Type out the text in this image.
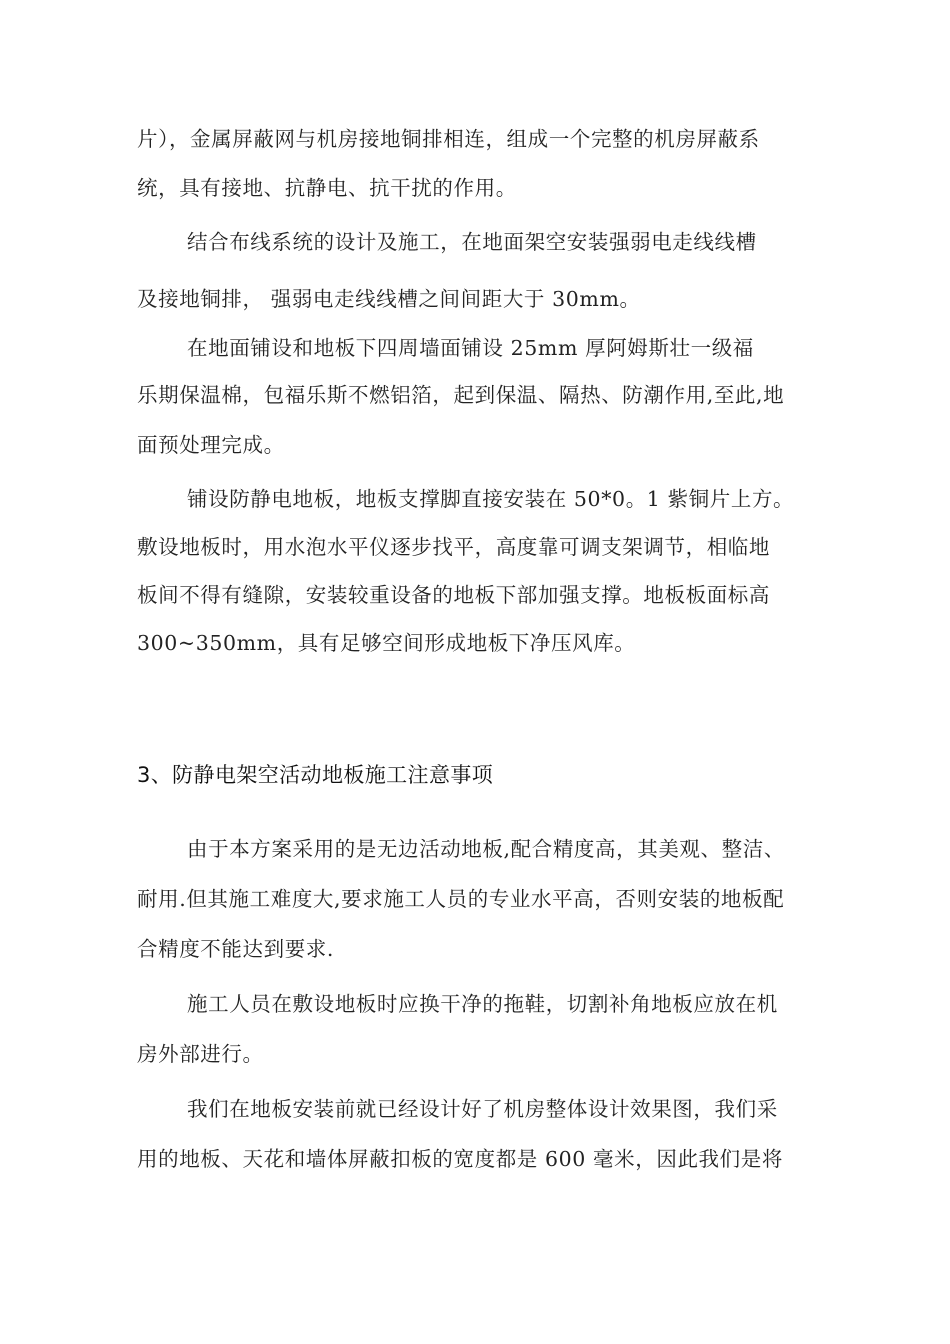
片），金属屏蔽网与机房接地铜排相连，组成一个完整的机房屏蔽系
统，具有接地、抗静电、抗干扰的作用。
结合布线系统的设计及施工，在地面架空安装强弱电走线线槽
及接地铜排， 强弱电走线线槽之间间距大于 30mm。
在地面铺设和地板下四周墙面铺设 25mm 厚阿姆斯壮一级福
乐期保温棉，包福乐斯不燃铝箔，起到保温、隔热、防潮作用,至此,地
面预处理完成。
铺设防静电地板，地板支撑脚直接安装在 50*0。1 紫铜片上方。
敷设地板时，用水泡水平仪逐步找平，高度靠可调支架调节，相临地
板间不得有缝隙，安装较重设备的地板下部加强支撑。地板板面标高
300~350mm，具有足够空间形成地板下净压风库。
3、防静电架空活动地板施工注意事项
由于本方案采用的是无边活动地板,配合精度高，其美观、整洁、
耐用.但其施工难度大,要求施工人员的专业水平高，否则安装的地板配
合精度不能达到要求.
施工人员在敷设地板时应换干净的拖鞋，切割补角地板应放在机
房外部进行。
我们在地板安装前就已经设计好了机房整体设计效果图，我们采
用的地板、天花和墙体屏蔽扣板的宽度都是 600 毫米，因此我们是将
